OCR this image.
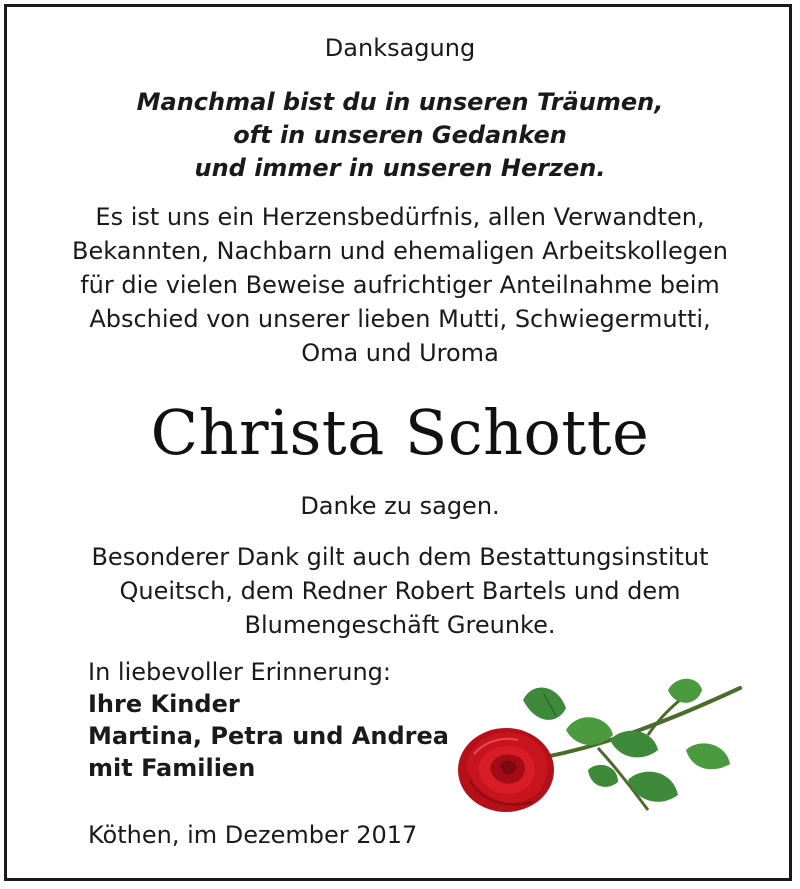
Danksagung
Manchmal bist du in unseren Träumen,
oft in unseren Gedanken
und immer in unseren Herzen.
Es ist uns ein Herzensbedürfnis, allen Verwandten,
Bekannten, Nachbarn und ehemaligen Arbeitskollegen
für die vielen Beweise aufrichtiger Anteilnahme beim
Abschied von unserer lieben Mutti, Schwiegermutti,
Oma und Uroma
Christa Schotte
Danke zu sagen.
Besonderer Dank gilt auch dem Bestattungsinstitut
Queitsch, dem Redner Robert Bartels und dem
Blumengeschäft Greunke.
In liebevoller Erinnerung:
Ihre Kinder
Martina, Petra und Andrea
mit Familien
Köthen, im Dezember 2017
